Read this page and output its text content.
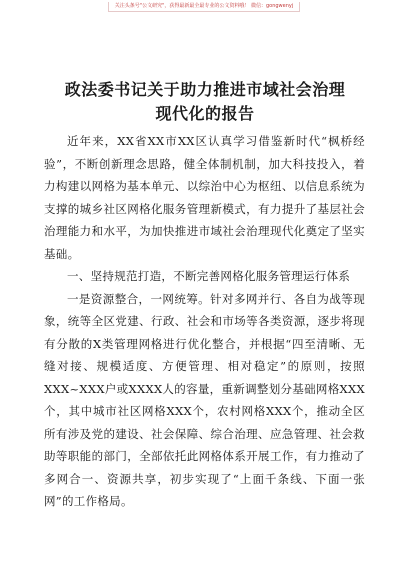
关注头条号"公文研究"，获得最新最全最专业的公文资料哦！ 微信：gongwenyj
政法委书记关于助力推进市域社会治理现代化的报告

近年来，XX省XX市XX区认真学习借鉴新时代“枫桥经验”，不断创新理念思路，健全体制机制，加大科技投入，着力构建以网格为基本单元、以综治中心为枢纽、以信息系统为支撑的城乡社区网格化服务管理新模式，有力提升了基层社会治理能力和水平，为加快推进市域社会治理现代化奠定了坚实基础。

一、坚持规范打造，不断完善网格化服务管理运行体系

一是资源整合，一网统筹。针对多网并行、各自为战等现象，统等全区党建、行政、社会和市场等各类资源，逐步将现有分散的X类管理网格进行优化整合，并根据“四至清晰、无缝对接、规模适度、方便管理、相对稳定”的原则，按照XXX~XXX户或XXXX人的容量，重新调整划分基础网格XXX个，其中城市社区网格XXX个，农村网格XXX个，推动全区所有涉及党的建设、社会保障、综合治理、应急管理、社会救助等职能的部门，全部依托此网格体系开展工作，有力推动了多网合一、资源共享，初步实现了“上面千条线、下面一张网”的工作格局。
